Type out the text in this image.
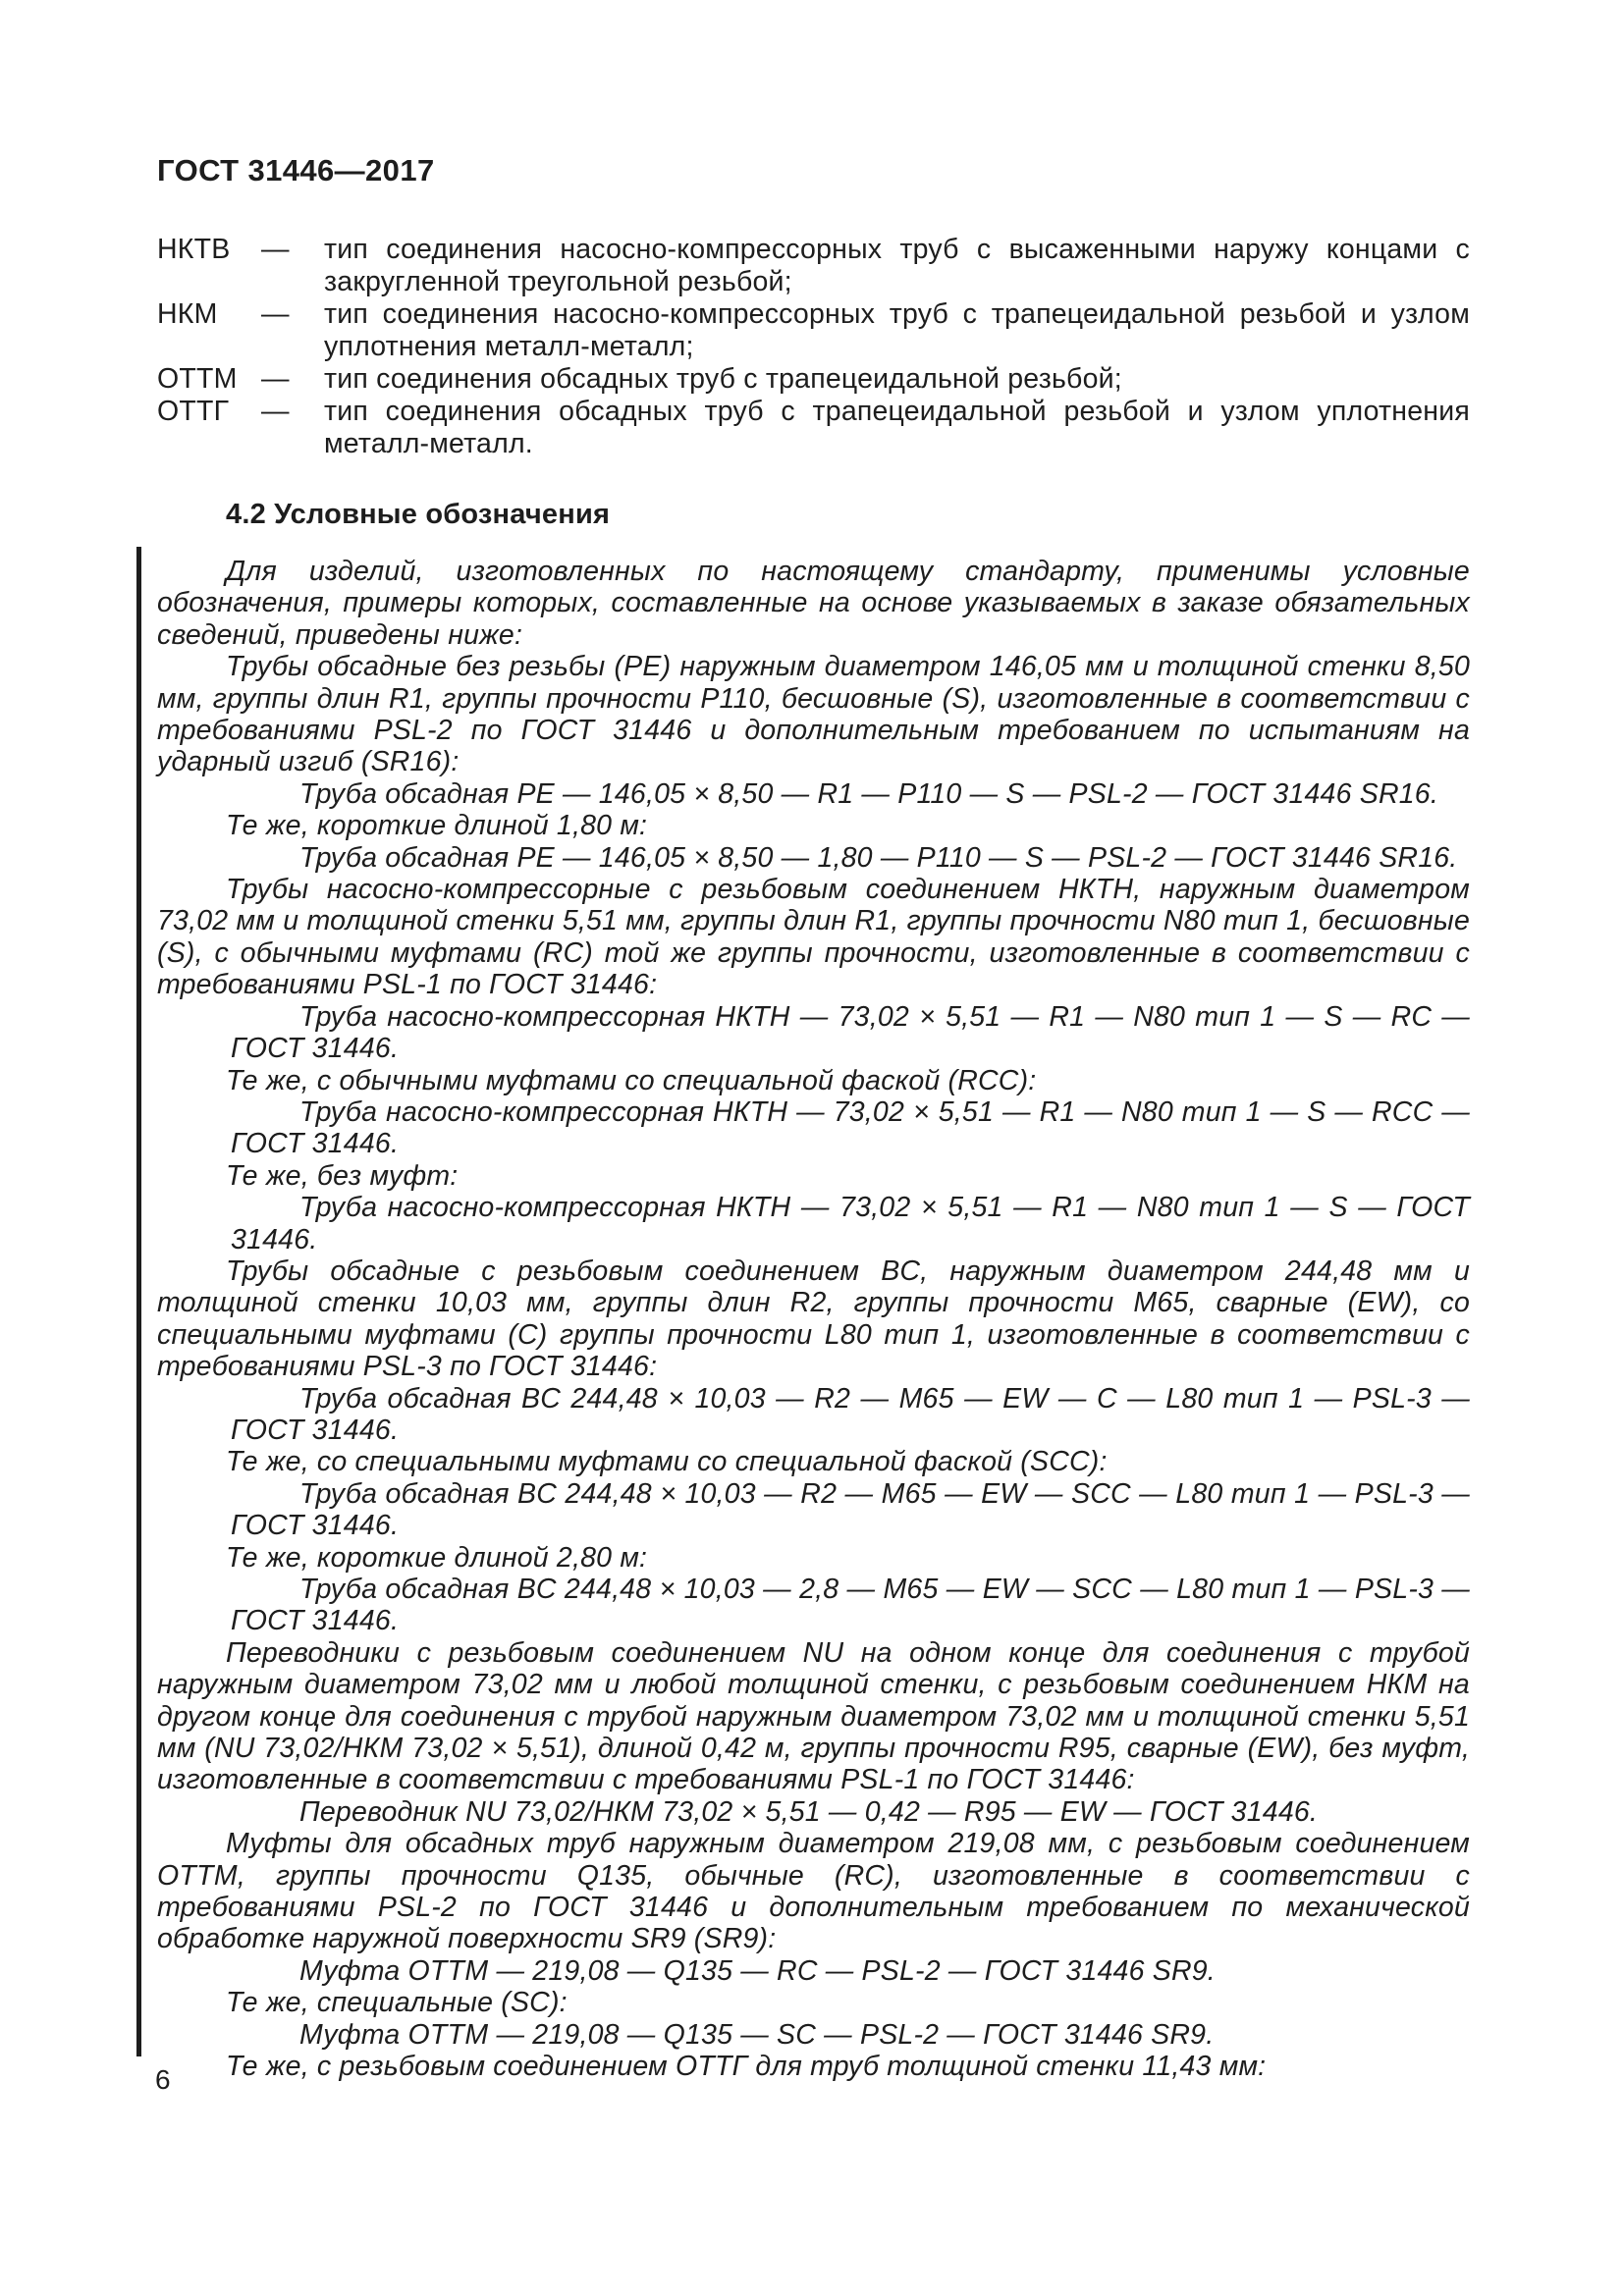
ГОСТ 31446—2017
НКТВ	—	тип соединения насосно-компрессорных труб с высаженными наружу концами с закругленной треугольной резьбой;
НКМ	—	тип соединения насосно-компрессорных труб с трапецеидальной резьбой и узлом уплотнения металл-металл;
ОТТМ —	тип соединения обсадных труб с трапецеидальной резьбой;
ОТТГ	—	тип соединения обсадных труб с трапецеидальной резьбой и узлом уплотнения металл-металл.
4.2 Условные обозначения

Для изделий, изготовленных по настоящему стандарту, применимы условные обозначения, примеры которых, составленные на основе указываемых в заказе обязательных сведений, приведены ниже:

Трубы обсадные без резьбы (PE) наружным диаметром 146,05 мм и толщиной стенки 8,50 мм, группы длин R1, группы прочности P110, бесшовные (S), изготовленные в соответствии с требованиями PSL-2 по ГОСТ 31446 и дополнительным требованием по испытаниям на ударный изгиб (SR16):

Труба обсадная PE — 146,05 × 8,50 — R1 — P110 — S — PSL-2 — ГОСТ 31446 SR16.

Те же, короткие длиной 1,80 м:

Труба обсадная PE — 146,05 × 8,50 — 1,80 — P110 — S — PSL-2 — ГОСТ 31446 SR16.

Трубы насосно-компрессорные с резьбовым соединением НКТН, наружным диаметром 73,02 мм и толщиной стенки 5,51 мм, группы длин R1, группы прочности N80 тип 1, бесшовные (S), с обычными муфтами (RC) той же группы прочности, изготовленные в соответствии с требованиями PSL-1 по ГОСТ 31446:

Труба насосно-компрессорная НКТН — 73,02 × 5,51 — R1 — N80 тип 1 — S — RC — ГОСТ 31446.

Те же, с обычными муфтами со специальной фаской (RCC):

Труба насосно-компрессорная НКТН — 73,02 × 5,51 — R1 — N80 тип 1 — S — RCC — ГОСТ 31446.

Те же, без муфт:

Труба насосно-компрессорная НКТН — 73,02 × 5,51 — R1 — N80 тип 1 — S — ГОСТ 31446.

Трубы обсадные с резьбовым соединением BC, наружным диаметром 244,48 мм и толщиной стенки 10,03 мм, группы длин R2, группы прочности M65, сварные (EW), со специальными муфтами (C) группы прочности L80 тип 1, изготовленные в соответствии с требованиями PSL-3 по ГОСТ 31446:

Труба обсадная BC 244,48 × 10,03 — R2 — M65 — EW — C — L80 тип 1 — PSL-3 — ГОСТ 31446.

Те же, со специальными муфтами со специальной фаской (SCC):

Труба обсадная BC 244,48 × 10,03 — R2 — M65 — EW — SCC — L80 тип 1 — PSL-3 — ГОСТ 31446.

Те же, короткие длиной 2,80 м:

Труба обсадная BC 244,48 × 10,03 — 2,8 — M65 — EW — SCC — L80 тип 1 — PSL-3 — ГОСТ 31446.

Переводники с резьбовым соединением NU на одном конце для соединения с трубой наружным диаметром 73,02 мм и любой толщиной стенки, с резьбовым соединением НКМ на другом конце для соединения с трубой наружным диаметром 73,02 мм и толщиной стенки 5,51 мм (NU 73,02/НКМ 73,02 × 5,51), длиной 0,42 м, группы прочности R95, сварные (EW), без муфт, изготовленные в соответствии с требованиями PSL-1 по ГОСТ 31446:

Переводник NU 73,02/НКМ 73,02 × 5,51 — 0,42 — R95 — EW — ГОСТ 31446.

Муфты для обсадных труб наружным диаметром 219,08 мм, с резьбовым соединением ОТТМ, группы прочности Q135, обычные (RC), изготовленные в соответствии с требованиями PSL-2 по ГОСТ 31446 и дополнительным требованием по механической обработке наружной поверхности SR9 (SR9):

Муфта ОТТМ — 219,08 — Q135 — RC — PSL-2 — ГОСТ 31446 SR9.

Те же, специальные (SC):

Муфта ОТТМ — 219,08 — Q135 — SC — PSL-2 — ГОСТ 31446 SR9.

Те же, с резьбовым соединением ОТТГ для труб толщиной стенки 11,43 мм:

6
